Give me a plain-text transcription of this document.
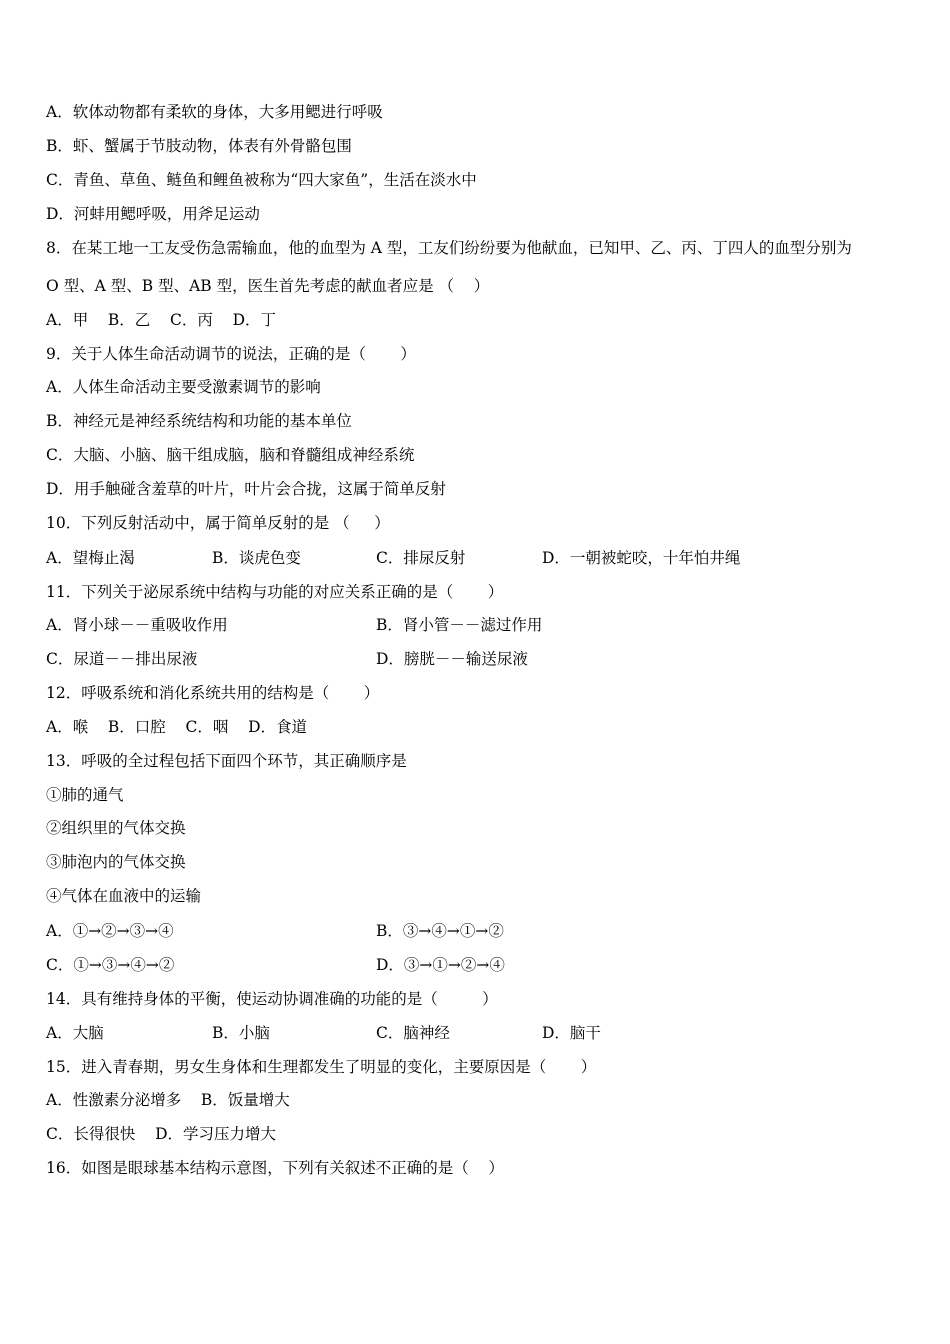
A．软体动物都有柔软的身体，大多用鳃进行呼吸
B．虾、蟹属于节肢动物，体表有外骨骼包围
C．青鱼、草鱼、鲢鱼和鲤鱼被称为“四大家鱼”，生活在淡水中
D．河蚌用鳃呼吸，用斧足运动
8．在某工地一工友受伤急需输血，他的血型为 A 型，工友们纷纷要为他献血，已知甲、乙、丙、丁四人的血型分别为
O 型、A 型、B 型、AB 型，医生首先考虑的献血者应是 （    ）
A．甲    B．乙    C．丙    D．丁
9．关于人体生命活动调节的说法，正确的是（       ）
A．人体生命活动主要受激素调节的影响
B．神经元是神经系统结构和功能的基本单位
C．大脑、小脑、脑干组成脑，脑和脊髓组成神经系统
D．用手触碰含羞草的叶片，叶片会合拢，这属于简单反射
10．下列反射活动中，属于简单反射的是 （     ）
A．望梅止渴	B．谈虎色变	C．排尿反射	D．一朝被蛇咬，十年怕井绳
11．下列关于泌尿系统中结构与功能的对应关系正确的是（       ）
A．肾小球－－重吸收作用	B．肾小管－－滤过作用
C．尿道－－排出尿液	D．膀胱－－输送尿液
12．呼吸系统和消化系统共用的结构是（       ）
A．喉    B．口腔    C．咽    D．食道
13．呼吸的全过程包括下面四个环节，其正确顺序是
①肺的通气
②组织里的气体交换
③肺泡内的气体交换
④气体在血液中的运输
A．①→②→③→④	B．③→④→①→②
C．①→③→④→②	D．③→①→②→④
14．具有维持身体的平衡，使运动协调准确的功能的是（         ）
A．大脑	B．小脑	C．脑神经	D．脑干
15．进入青春期，男女生身体和生理都发生了明显的变化，主要原因是（       ）
A．性激素分泌增多    B．饭量增大
C．长得很快    D．学习压力增大
16．如图是眼球基本结构示意图，下列有关叙述不正确的是（    ）
